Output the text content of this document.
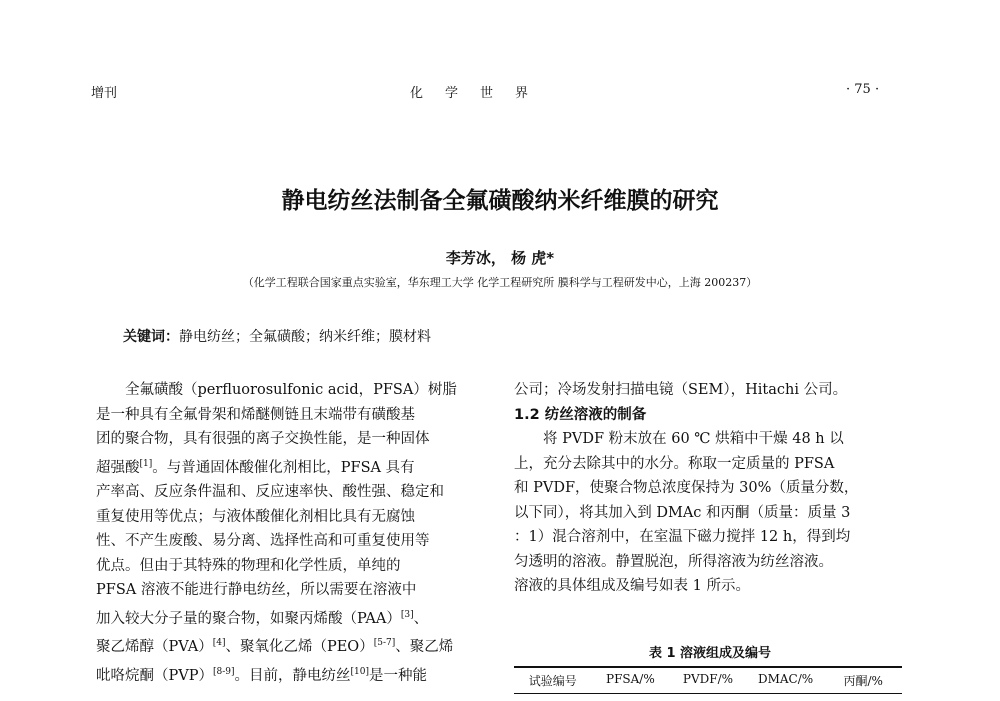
增刊	化学世界	· 75 ·
静电纺丝法制备全氟磺酸纳米纤维膜的研究
李芳冰， 杨 虎*
（化学工程联合国家重点实验室，华东理工大学 化学工程研究所 膜科学与工程研发中心，上海 200237）
关键词：静电纺丝；全氟磺酸；纳米纤维；膜材料

全氟磺酸（perfluorosulfonic acid，PFSA）树脂

是一种具有全氟骨架和烯醚侧链且末端带有磺酸基

团的聚合物，具有很强的离子交换性能，是一种固体

超强酸[1]。与普通固体酸催化剂相比，PFSA 具有

产率高、反应条件温和、反应速率快、酸性强、稳定和

重复使用等优点；与液体酸催化剂相比具有无腐蚀

性、不产生废酸、易分离、选择性高和可重复使用等

优点。但由于其特殊的物理和化学性质，单纯的

PFSA 溶液不能进行静电纺丝，所以需要在溶液中

加入较大分子量的聚合物，如聚丙烯酸（PAA）[3]、

聚乙烯醇（PVA）[4]、聚氧化乙烯（PEO）[5-7]、聚乙烯

吡咯烷酮（PVP）[8-9]。目前，静电纺丝[10]是一种能

公司；冷场发射扫描电镜（SEM），Hitachi 公司。

1.2 纺丝溶液的制备

将 PVDF 粉末放在 60 ℃ 烘箱中干燥 48 h 以

上，充分去除其中的水分。称取一定质量的 PFSA

和 PVDF，使聚合物总浓度保持为 30%（质量分数，

以下同），将其加入到 DMAc 和丙酮（质量：质量 3

：1）混合溶剂中，在室温下磁力搅拌 12 h，得到均

匀透明的溶液。静置脱泡，所得溶液为纺丝溶液。

溶液的具体组成及编号如表 1 所示。

表 1 溶液组成及编号
试验编号	PFSA/%	PVDF/%	DMAC/%	丙酮/%
